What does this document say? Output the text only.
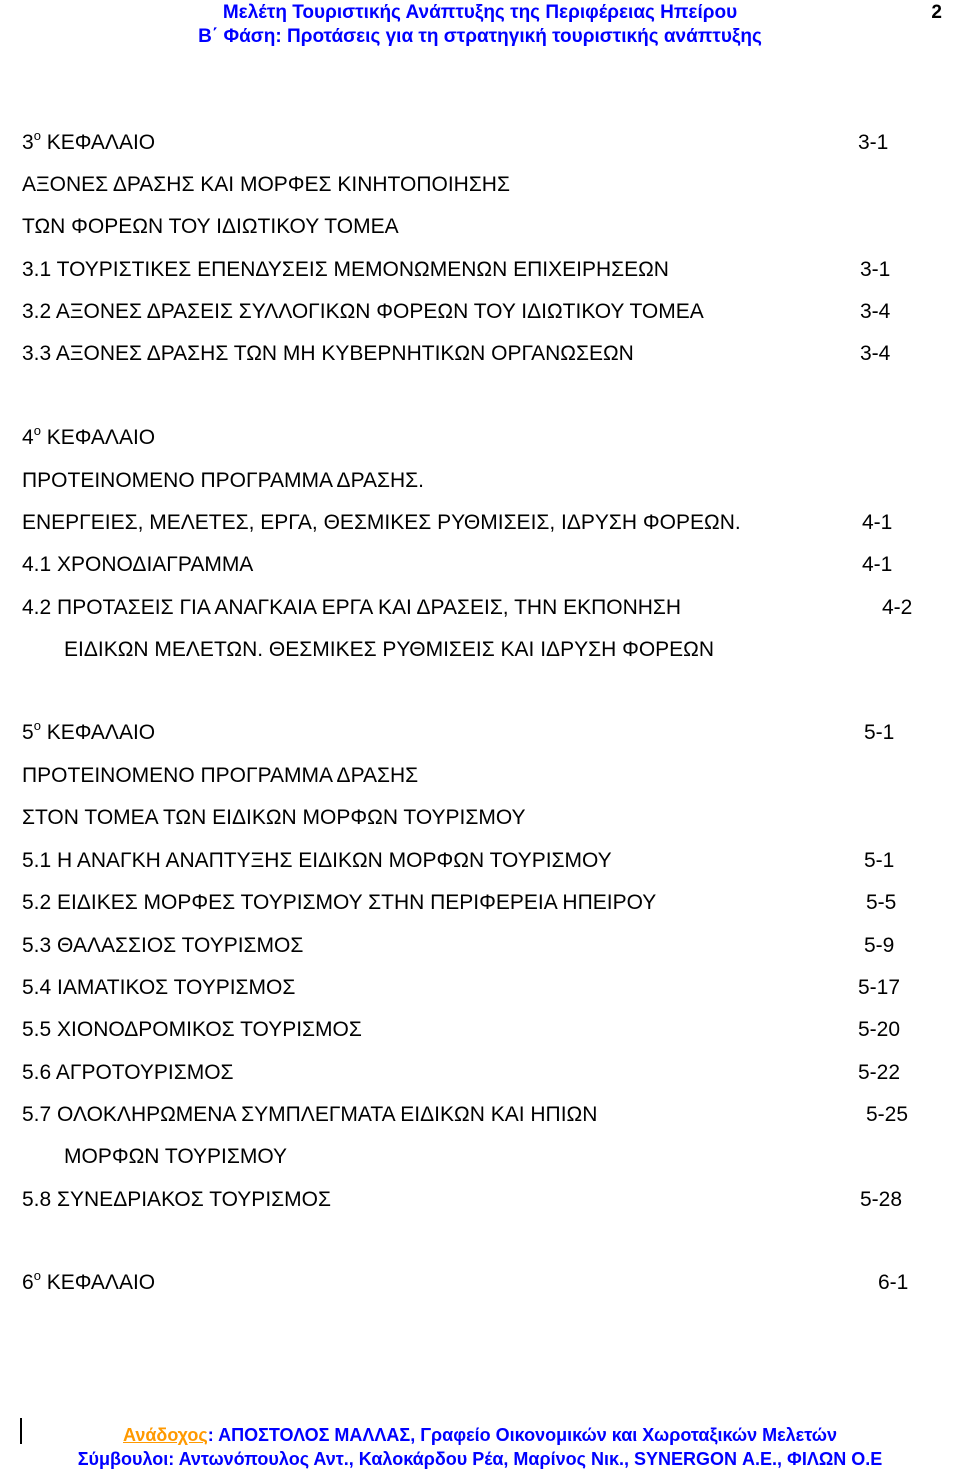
Μελέτη Τουριστικής Ανάπτυξης της Περιφέρειας Ηπείρου
Β΄ Φάση: Προτάσεις για τη στρατηγική τουριστικής ανάπτυξης
2
$3^o$ ΚΕΦΑΛΑΙΟ	3-1
ΑΞΟΝΕΣ ΔΡΑΣΗΣ ΚΑΙ ΜΟΡΦΕΣ ΚΙΝΗΤΟΠΟΙΗΣΗΣ
ΤΩΝ ΦΟΡΕΩΝ ΤΟΥ ΙΔΙΩΤΙΚΟΥ ΤΟΜΕΑ
3.1 ΤΟΥΡΙΣΤΙΚΕΣ ΕΠΕΝΔΥΣΕΙΣ ΜΕΜΟΝΩΜΕΝΩΝ ΕΠΙΧΕΙΡΗΣΕΩΝ	3-1
3.2 ΑΞΟΝΕΣ ΔΡΑΣΕΙΣ ΣΥΛΛΟΓΙΚΩΝ ΦΟΡΕΩΝ ΤΟΥ ΙΔΙΩΤΙΚΟΥ ΤΟΜΕΑ	3-4
3.3 ΑΞΟΝΕΣ ΔΡΑΣΗΣ ΤΩΝ ΜΗ ΚΥΒΕΡΝΗΤΙΚΩΝ ΟΡΓΑΝΩΣΕΩΝ	3-4
$4^o$ ΚΕΦΑΛΑΙΟ
ΠΡΟΤΕΙΝΟΜΕΝΟ ΠΡΟΓΡΑΜΜΑ ΔΡΑΣΗΣ.
ΕΝΕΡΓΕΙΕΣ, ΜΕΛΕΤΕΣ, ΕΡΓΑ, ΘΕΣΜΙΚΕΣ ΡΥΘΜΙΣΕΙΣ, ΙΔΡΥΣΗ ΦΟΡΕΩΝ.	4-1
4.1 ΧΡΟΝΟΔΙΑΓΡΑΜΜΑ	4-1
4.2 ΠΡΟΤΑΣΕΙΣ ΓΙΑ ΑΝΑΓΚΑΙΑ ΕΡΓΑ ΚΑΙ ΔΡΑΣΕΙΣ, ΤΗΝ ΕΚΠΟΝΗΣΗ	4-2
ΕΙΔΙΚΩΝ ΜΕΛΕΤΩΝ. ΘΕΣΜΙΚΕΣ ΡΥΘΜΙΣΕΙΣ ΚΑΙ ΙΔΡΥΣΗ ΦΟΡΕΩΝ
$5^o$ ΚΕΦΑΛΑΙΟ	5-1
ΠΡΟΤΕΙΝΟΜΕΝΟ ΠΡΟΓΡΑΜΜΑ ΔΡΑΣΗΣ
ΣΤΟΝ ΤΟΜΕΑ ΤΩΝ ΕΙΔΙΚΩΝ ΜΟΡΦΩΝ ΤΟΥΡΙΣΜΟΥ
5.1 Η ΑΝΑΓΚΗ ΑΝΑΠΤΥΞΗΣ ΕΙΔΙΚΩΝ ΜΟΡΦΩΝ ΤΟΥΡΙΣΜΟΥ	5-1
5.2 ΕΙΔΙΚΕΣ ΜΟΡΦΕΣ ΤΟΥΡΙΣΜΟΥ ΣΤΗΝ ΠΕΡΙΦΕΡΕΙΑ ΗΠΕΙΡΟΥ	5-5
5.3 ΘΑΛΑΣΣΙΟΣ ΤΟΥΡΙΣΜΟΣ	5-9
5.4 ΙΑΜΑΤΙΚΟΣ ΤΟΥΡΙΣΜΟΣ	5-17
5.5 ΧΙΟΝΟΔΡΟΜΙΚΟΣ ΤΟΥΡΙΣΜΟΣ	5-20
5.6 ΑΓΡΟΤΟΥΡΙΣΜΟΣ	5-22
5.7 ΟΛΟΚΛΗΡΩΜΕΝΑ ΣΥΜΠΛΕΓΜΑΤΑ ΕΙΔΙΚΩΝ ΚΑΙ ΗΠΙΩΝ	5-25
ΜΟΡΦΩΝ ΤΟΥΡΙΣΜΟΥ
5.8 ΣΥΝΕΔΡΙΑΚΟΣ ΤΟΥΡΙΣΜΟΣ	5-28
$6^o$ ΚΕΦΑΛΑΙΟ	6-1
Ανάδοχος: ΑΠΟΣΤΟΛΟΣ ΜΑΛΛΑΣ, Γραφείο Οικονομικών και Χωροταξικών Μελετών
Σύμβουλοι: Αντωνόπουλος Αντ., Καλοκάρδου Ρέα, Μαρίνος Νικ., SYNERGON Α.Ε., ΦΙΛΩΝ Ο.Ε
